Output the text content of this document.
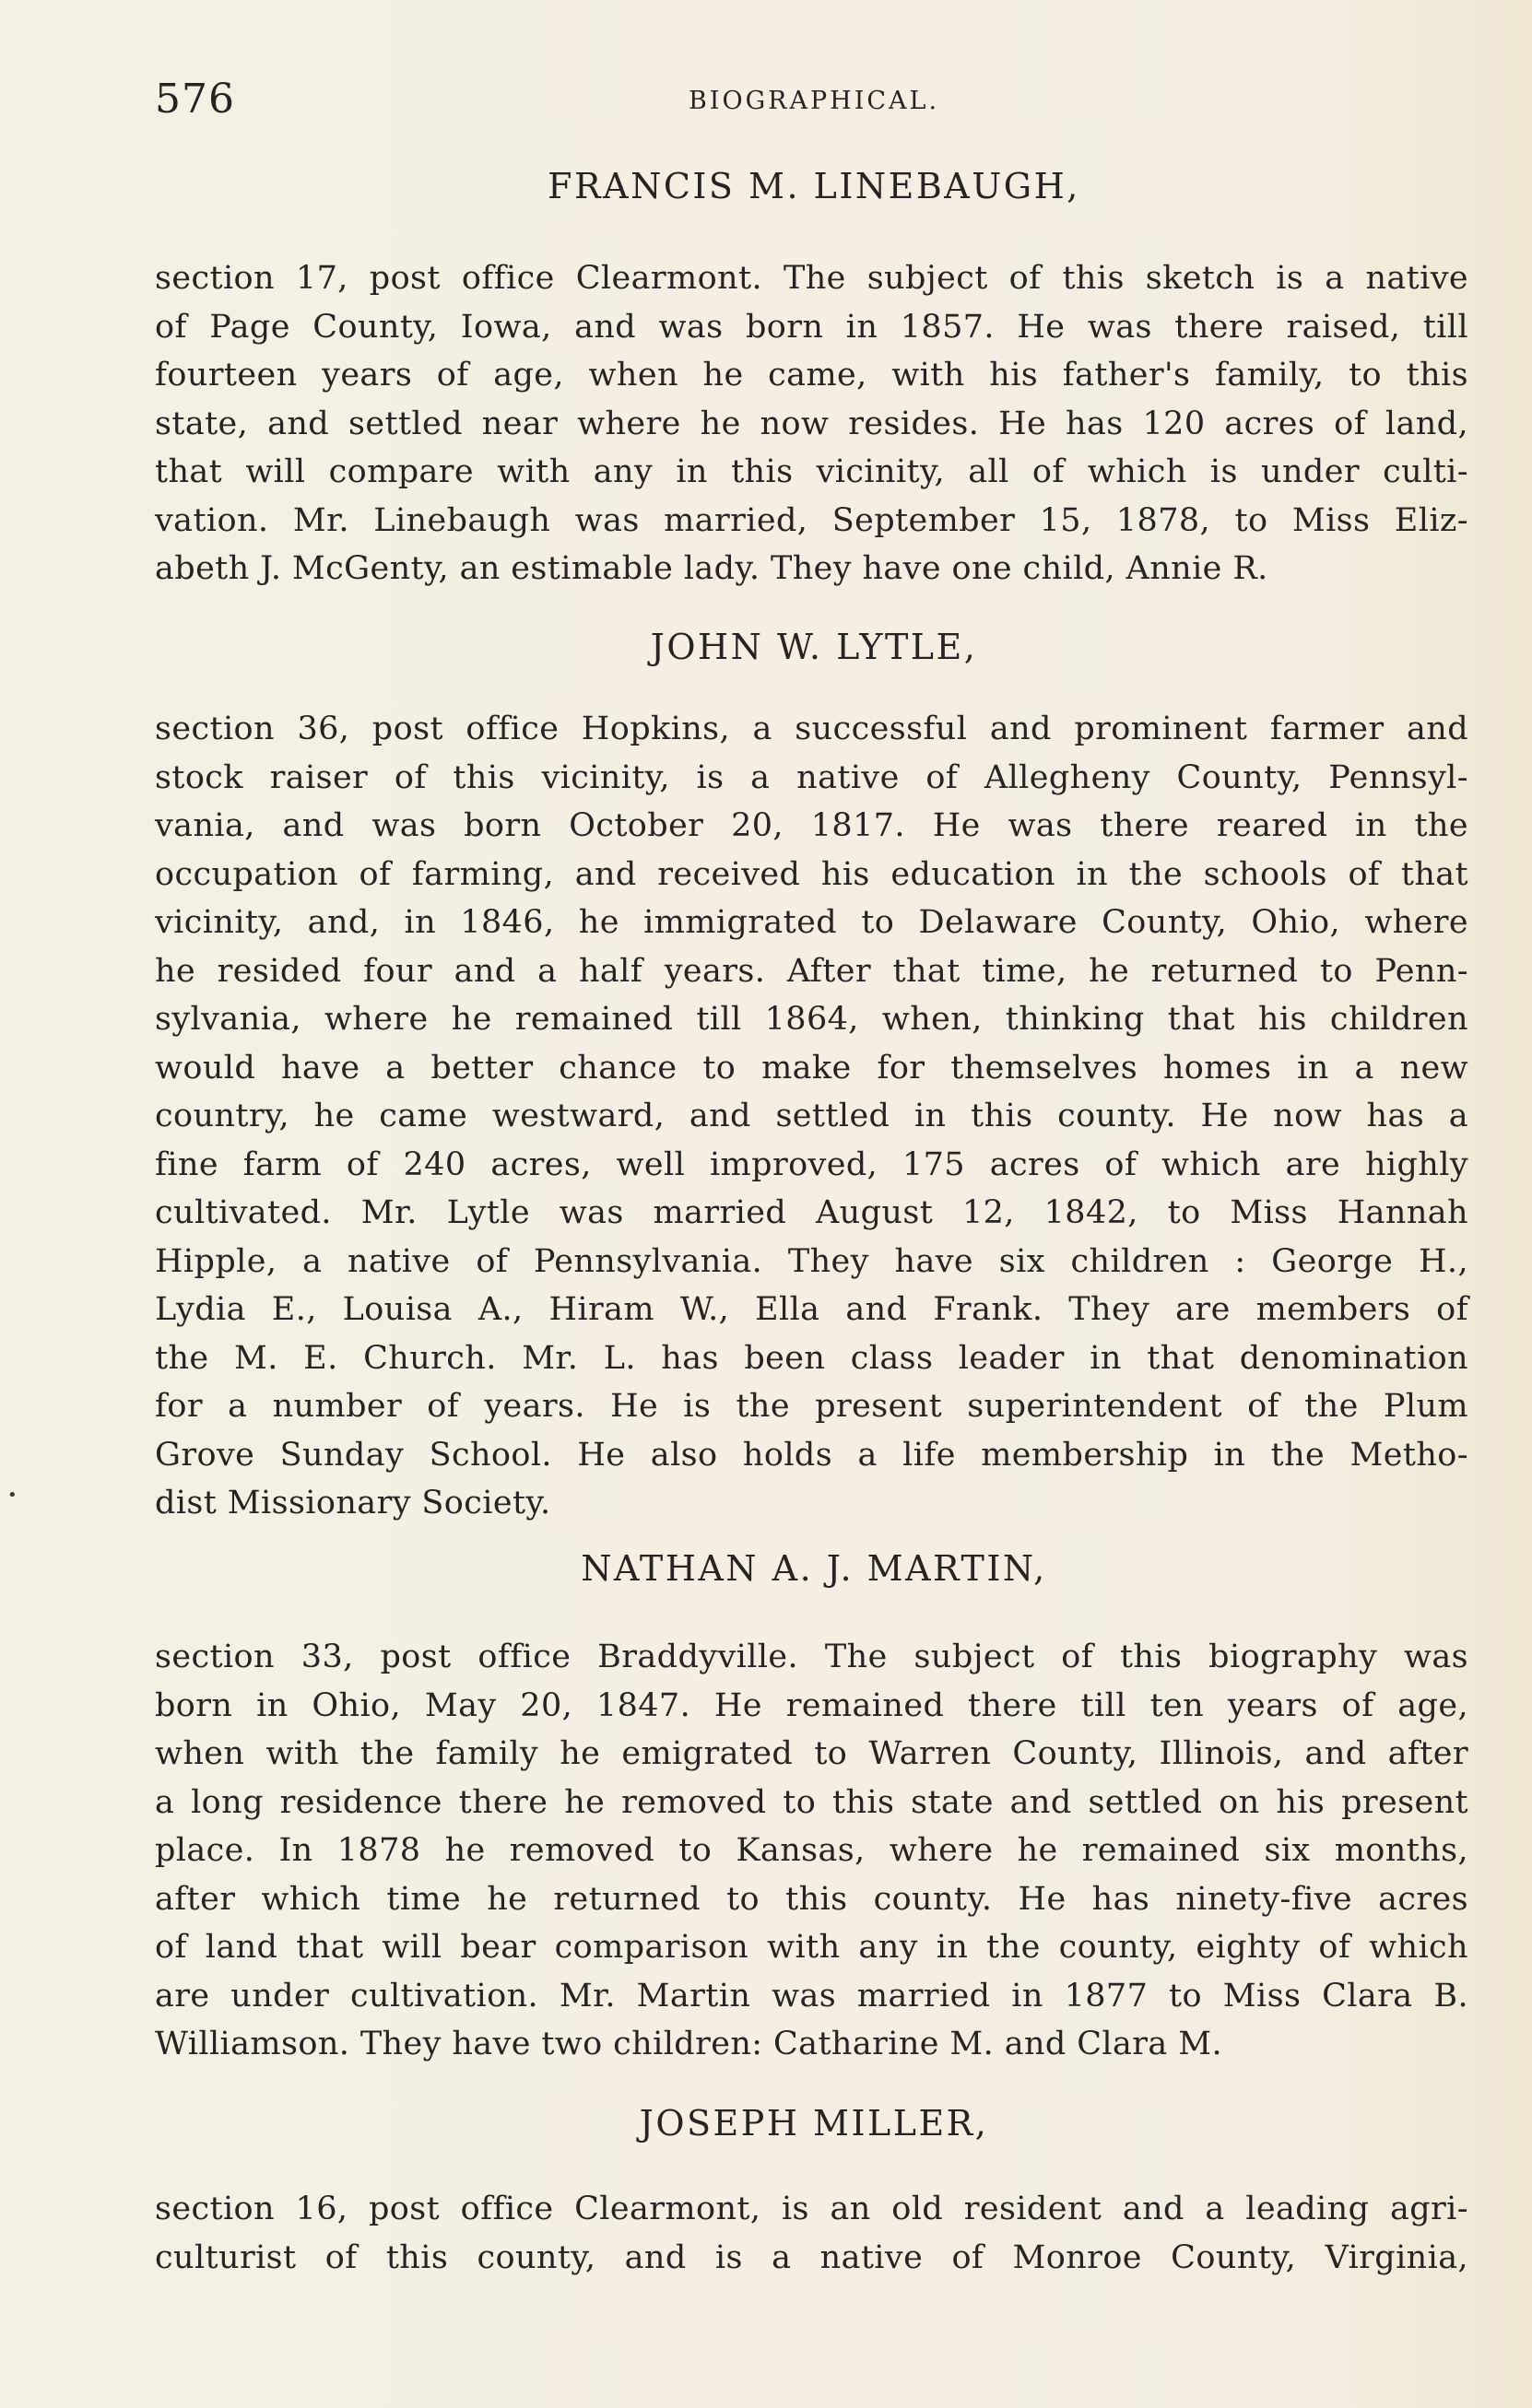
576	BIOGRAPHICAL.
FRANCIS M. LINEBAUGH,
section 17, post office Clearmont. The subject of this sketch is a native
of Page County, Iowa, and was born in 1857. He was there raised, till
fourteen years of age, when he came, with his father's family, to this
state, and settled near where he now resides. He has 120 acres of land,
that will compare with any in this vicinity, all of which is under culti-
vation. Mr. Linebaugh was married, September 15, 1878, to Miss Eliz-
abeth J. McGenty, an estimable lady. They have one child, Annie R.
JOHN W. LYTLE,
section 36, post office Hopkins, a successful and prominent farmer and
stock raiser of this vicinity, is a native of Allegheny County, Pennsyl-
vania, and was born October 20, 1817. He was there reared in the
occupation of farming, and received his education in the schools of that
vicinity, and, in 1846, he immigrated to Delaware County, Ohio, where
he resided four and a half years. After that time, he returned to Penn-
sylvania, where he remained till 1864, when, thinking that his children
would have a better chance to make for themselves homes in a new
country, he came westward, and settled in this county. He now has a
fine farm of 240 acres, well improved, 175 acres of which are highly
cultivated. Mr. Lytle was married August 12, 1842, to Miss Hannah
Hipple, a native of Pennsylvania. They have six children : George H.,
Lydia E., Louisa A., Hiram W., Ella and Frank. They are members of
the M. E. Church. Mr. L. has been class leader in that denomination
for a number of years. He is the present superintendent of the Plum
Grove Sunday School. He also holds a life membership in the Metho-
dist Missionary Society.
NATHAN A. J. MARTIN,
section 33, post office Braddyville. The subject of this biography was
born in Ohio, May 20, 1847. He remained there till ten years of age,
when with the family he emigrated to Warren County, Illinois, and after
a long residence there he removed to this state and settled on his present
place. In 1878 he removed to Kansas, where he remained six months,
after which time he returned to this county. He has ninety-five acres
of land that will bear comparison with any in the county, eighty of which
are under cultivation. Mr. Martin was married in 1877 to Miss Clara B.
Williamson. They have two children: Catharine M. and Clara M.
JOSEPH MILLER,
section 16, post office Clearmont, is an old resident and a leading agri-
culturist of this county, and is a native of Monroe County, Virginia,
•
